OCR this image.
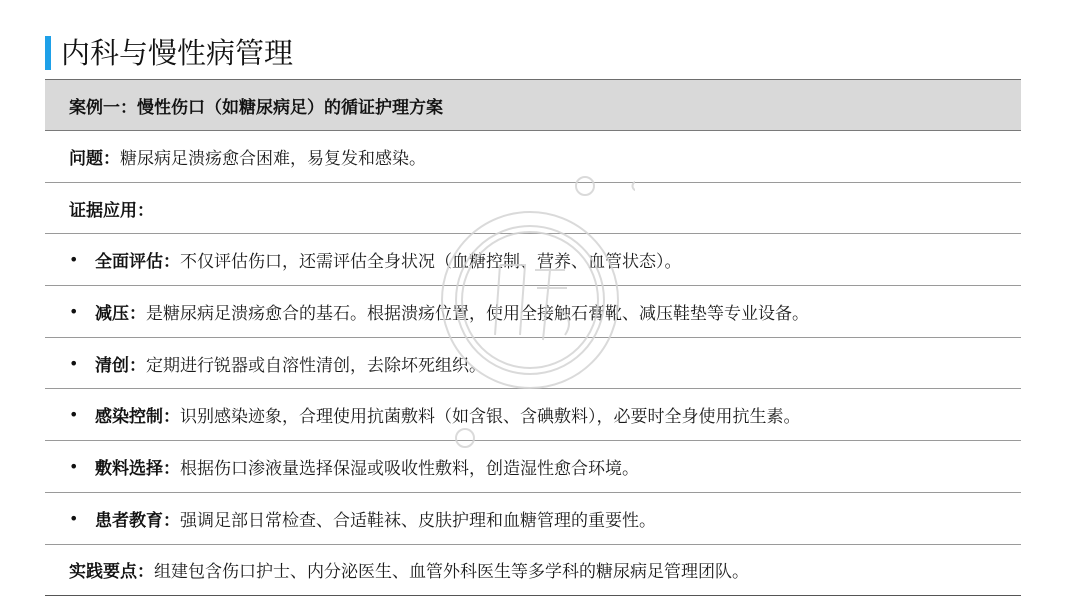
内科与慢性病管理
案例一：慢性伤口（如糖尿病足）的循证护理方案
问题： 糖尿病足溃疡愈合困难，易复发和感染。
证据应用：
• 全面评估： 不仅评估伤口，还需评估全身状况（血糖控制、营养、血管状态）。
• 减压： 是糖尿病足溃疡愈合的基石。根据溃疡位置，使用全接触石膏靴、减压鞋垫等专业设备。
• 清创： 定期进行锐器或自溶性清创，去除坏死组织。
• 感染控制： 识别感染迹象，合理使用抗菌敷料（如含银、含碘敷料），必要时全身使用抗生素。
• 敷料选择： 根据伤口渗液量选择保湿或吸收性敷料，创造湿性愈合环境。
• 患者教育： 强调足部日常检查、合适鞋袜、皮肤护理和血糖管理的重要性。
实践要点： 组建包含伤口护士、内分泌医生、血管外科医生等多学科的糖尿病足管理团队。
